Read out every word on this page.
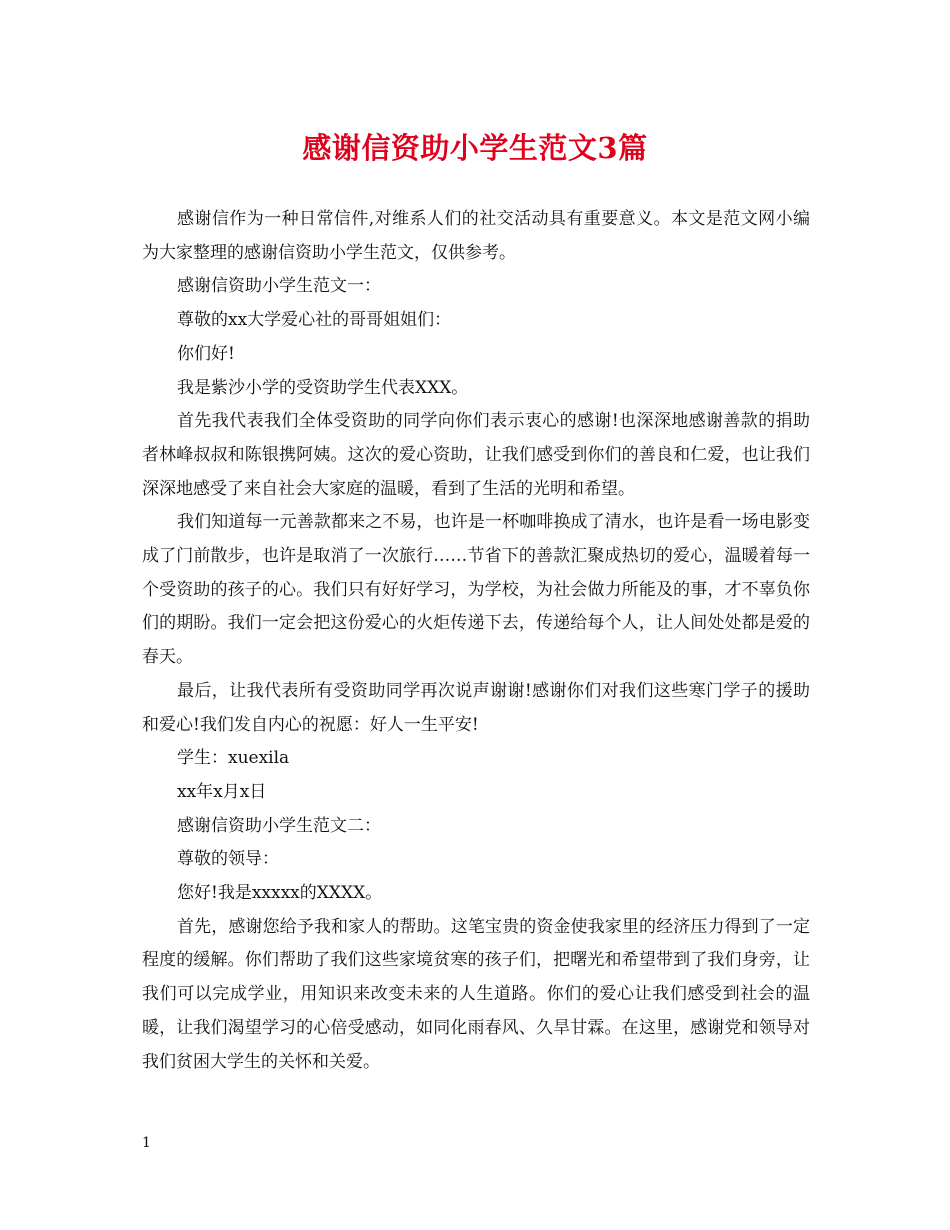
感谢信资助小学生范文3篇

感谢信作为一种日常信件,对维系人们的社交活动具有重要意义。本文是范文网小编为大家整理的感谢信资助小学生范文，仅供参考。

感谢信资助小学生范文一：

尊敬的xx大学爱心社的哥哥姐姐们：

你们好!

我是紫沙小学的受资助学生代表XXX。

首先我代表我们全体受资助的同学向你们表示衷心的感谢!也深深地感谢善款的捐助者林峰叔叔和陈银携阿姨。这次的爱心资助，让我们感受到你们的善良和仁爱，也让我们深深地感受了来自社会大家庭的温暖，看到了生活的光明和希望。

我们知道每一元善款都来之不易，也许是一杯咖啡换成了清水，也许是看一场电影变成了门前散步，也许是取消了一次旅行……节省下的善款汇聚成热切的爱心，温暖着每一个受资助的孩子的心。我们只有好好学习，为学校，为社会做力所能及的事，才不辜负你们的期盼。我们一定会把这份爱心的火炬传递下去，传递给每个人，让人间处处都是爱的春天。

最后，让我代表所有受资助同学再次说声谢谢!感谢你们对我们这些寒门学子的援助和爱心!我们发自内心的祝愿：好人一生平安!

学生：xuexila

xx年x月x日

感谢信资助小学生范文二：

尊敬的领导：

您好!我是xxxxx的XXXX。

首先，感谢您给予我和家人的帮助。这笔宝贵的资金使我家里的经济压力得到了一定程度的缓解。你们帮助了我们这些家境贫寒的孩子们，把曙光和希望带到了我们身旁，让我们可以完成学业，用知识来改变未来的人生道路。你们的爱心让我们感受到社会的温暖，让我们渴望学习的心倍受感动，如同化雨春风、久旱甘霖。在这里，感谢党和领导对我们贫困大学生的关怀和关爱。

1
